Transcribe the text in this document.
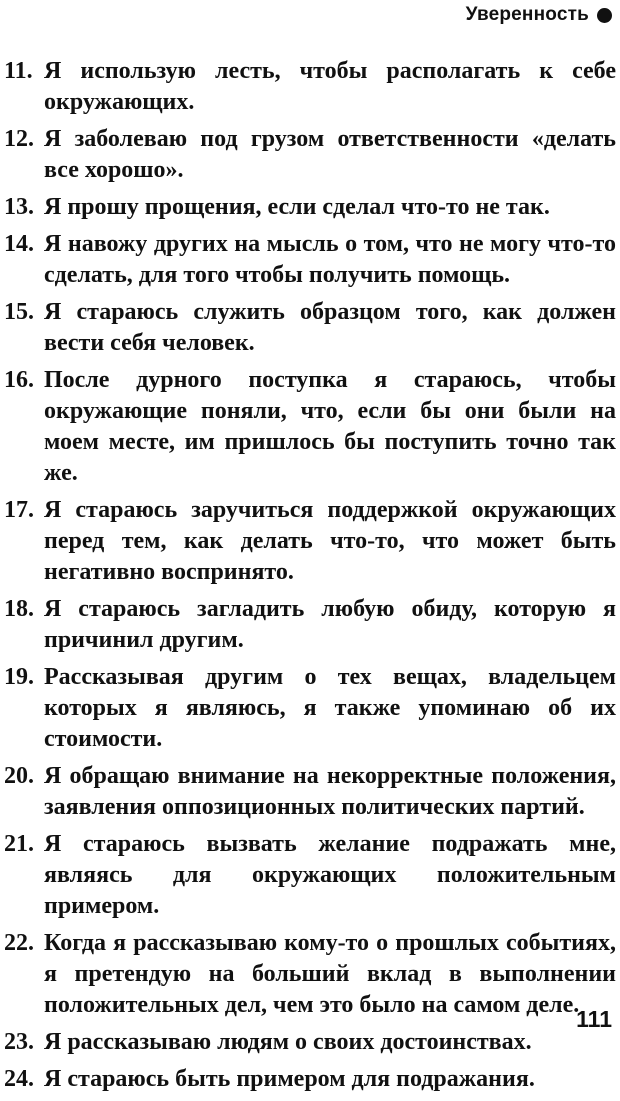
Уверенность
11. Я использую лесть, чтобы располагать к себе окружающих.
12. Я заболеваю под грузом ответственности «делать все хорошо».
13. Я прошу прощения, если сделал что-то не так.
14. Я навожу других на мысль о том, что не могу что-то сделать, для того чтобы получить помощь.
15. Я стараюсь служить образцом того, как должен вести себя человек.
16. После дурного поступка я стараюсь, чтобы окружающие поняли, что, если бы они были на моем месте, им пришлось бы поступить точно так же.
17. Я стараюсь заручиться поддержкой окружающих перед тем, как делать что-то, что может быть негативно воспринято.
18. Я стараюсь загладить любую обиду, которую я причинил другим.
19. Рассказывая другим о тех вещах, владельцем которых я являюсь, я также упоминаю об их стоимости.
20. Я обращаю внимание на некорректные положения, заявления оппозиционных политических партий.
21. Я стараюсь вызвать желание подражать мне, являясь для окружающих положительным примером.
22. Когда я рассказываю кому-то о прошлых событиях, я претендую на больший вклад в выполнении положительных дел, чем это было на самом деле.
23. Я рассказываю людям о своих достоинствах.
24. Я стараюсь быть примером для подражания.
111
